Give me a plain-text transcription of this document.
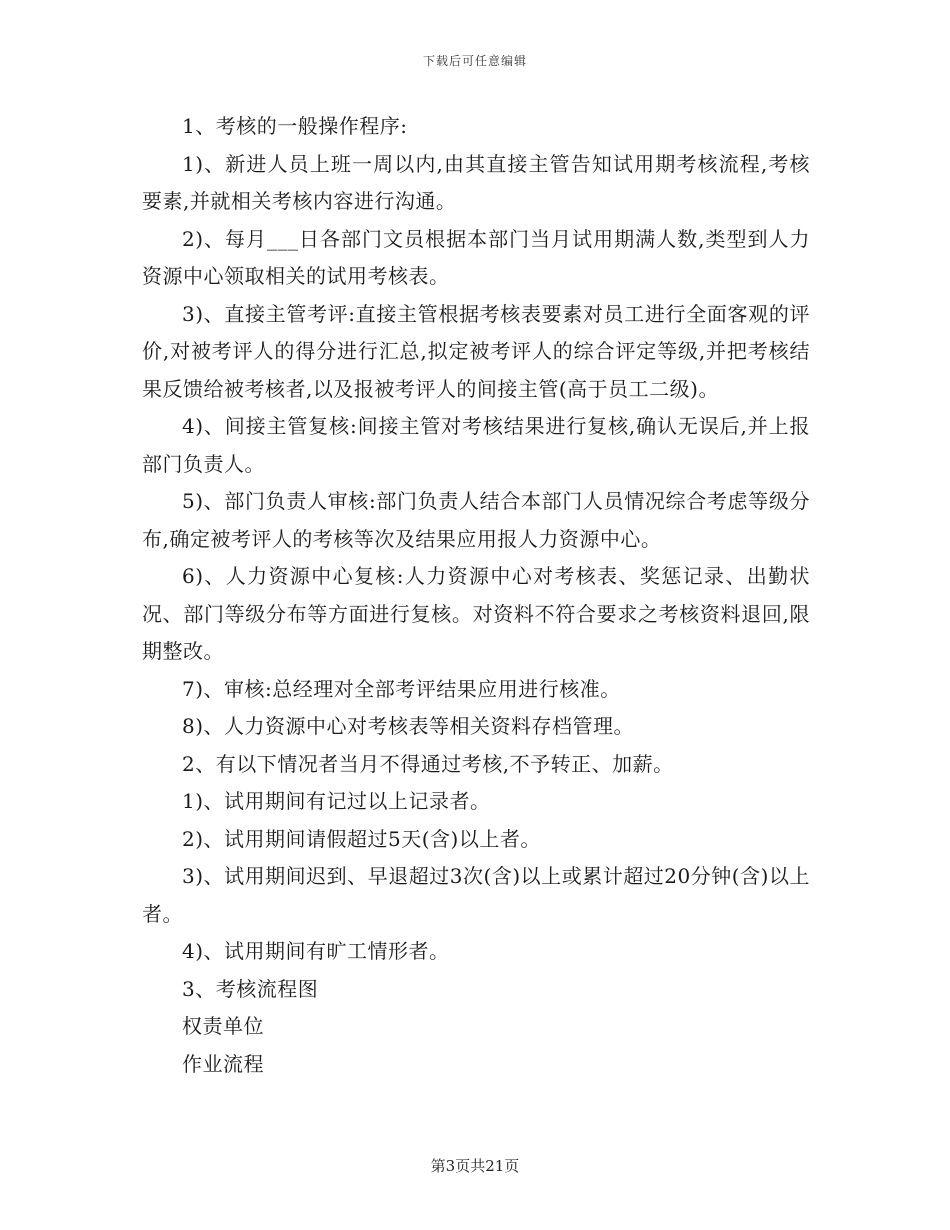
下载后可任意编辑

1、考核的一般操作程序:

1)、新进人员上班一周以内,由其直接主管告知试用期考核流程,考核要素,并就相关考核内容进行沟通。

2)、每月___日各部门文员根据本部门当月试用期满人数,类型到人力资源中心领取相关的试用考核表。

3)、直接主管考评:直接主管根据考核表要素对员工进行全面客观的评价,对被考评人的得分进行汇总,拟定被考评人的综合评定等级,并把考核结果反馈给被考核者,以及报被考评人的间接主管(高于员工二级)。

4)、间接主管复核:间接主管对考核结果进行复核,确认无误后,并上报部门负责人。

5)、部门负责人审核:部门负责人结合本部门人员情况综合考虑等级分布,确定被考评人的考核等次及结果应用报人力资源中心。

6)、人力资源中心复核:人力资源中心对考核表、奖惩记录、出勤状况、部门等级分布等方面进行复核。对资料不符合要求之考核资料退回,限期整改。

7)、审核:总经理对全部考评结果应用进行核准。

8)、人力资源中心对考核表等相关资料存档管理。

2、有以下情况者当月不得通过考核,不予转正、加薪。

1)、试用期间有记过以上记录者。

2)、试用期间请假超过5天(含)以上者。

3)、试用期间迟到、早退超过3次(含)以上或累计超过20分钟(含)以上者。

4)、试用期间有旷工情形者。

3、考核流程图

权责单位

作业流程

第3页共21页
